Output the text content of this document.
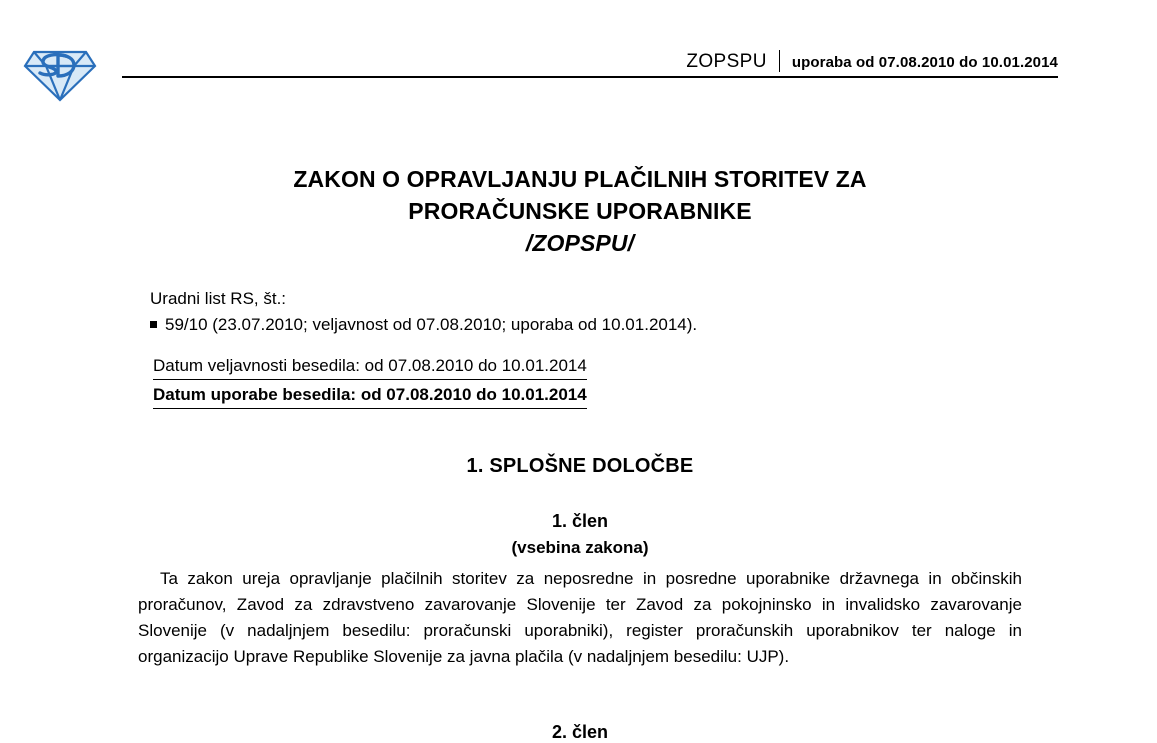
ZOPSPU uporaba od 07.08.2010 do 10.01.2014
ZAKON O OPRAVLJANJU PLAČILNIH STORITEV ZA
PRORAČUNSKE UPORABNIKE
/ZOPSPU/
Uradni list RS, št.:
59/10 (23.07.2010; veljavnost od 07.08.2010; uporaba od 10.01.2014).
Datum veljavnosti besedila: od 07.08.2010 do 10.01.2014
Datum uporabe besedila: od 07.08.2010 do 10.01.2014
1. SPLOŠNE DOLOČBE
1. člen
(vsebina zakona)
Ta zakon ureja opravljanje plačilnih storitev za neposredne in posredne uporabnike državnega in občinskih proračunov, Zavod za zdravstveno zavarovanje Slovenije ter Zavod za pokojninsko in invalidsko zavarovanje Slovenije (v nadaljnjem besedilu: proračunski uporabniki), register proračunskih uporabnikov ter naloge in organizacijo Uprave Republike Slovenije za javna plačila (v nadaljnjem besedilu: UJP).
2. člen
